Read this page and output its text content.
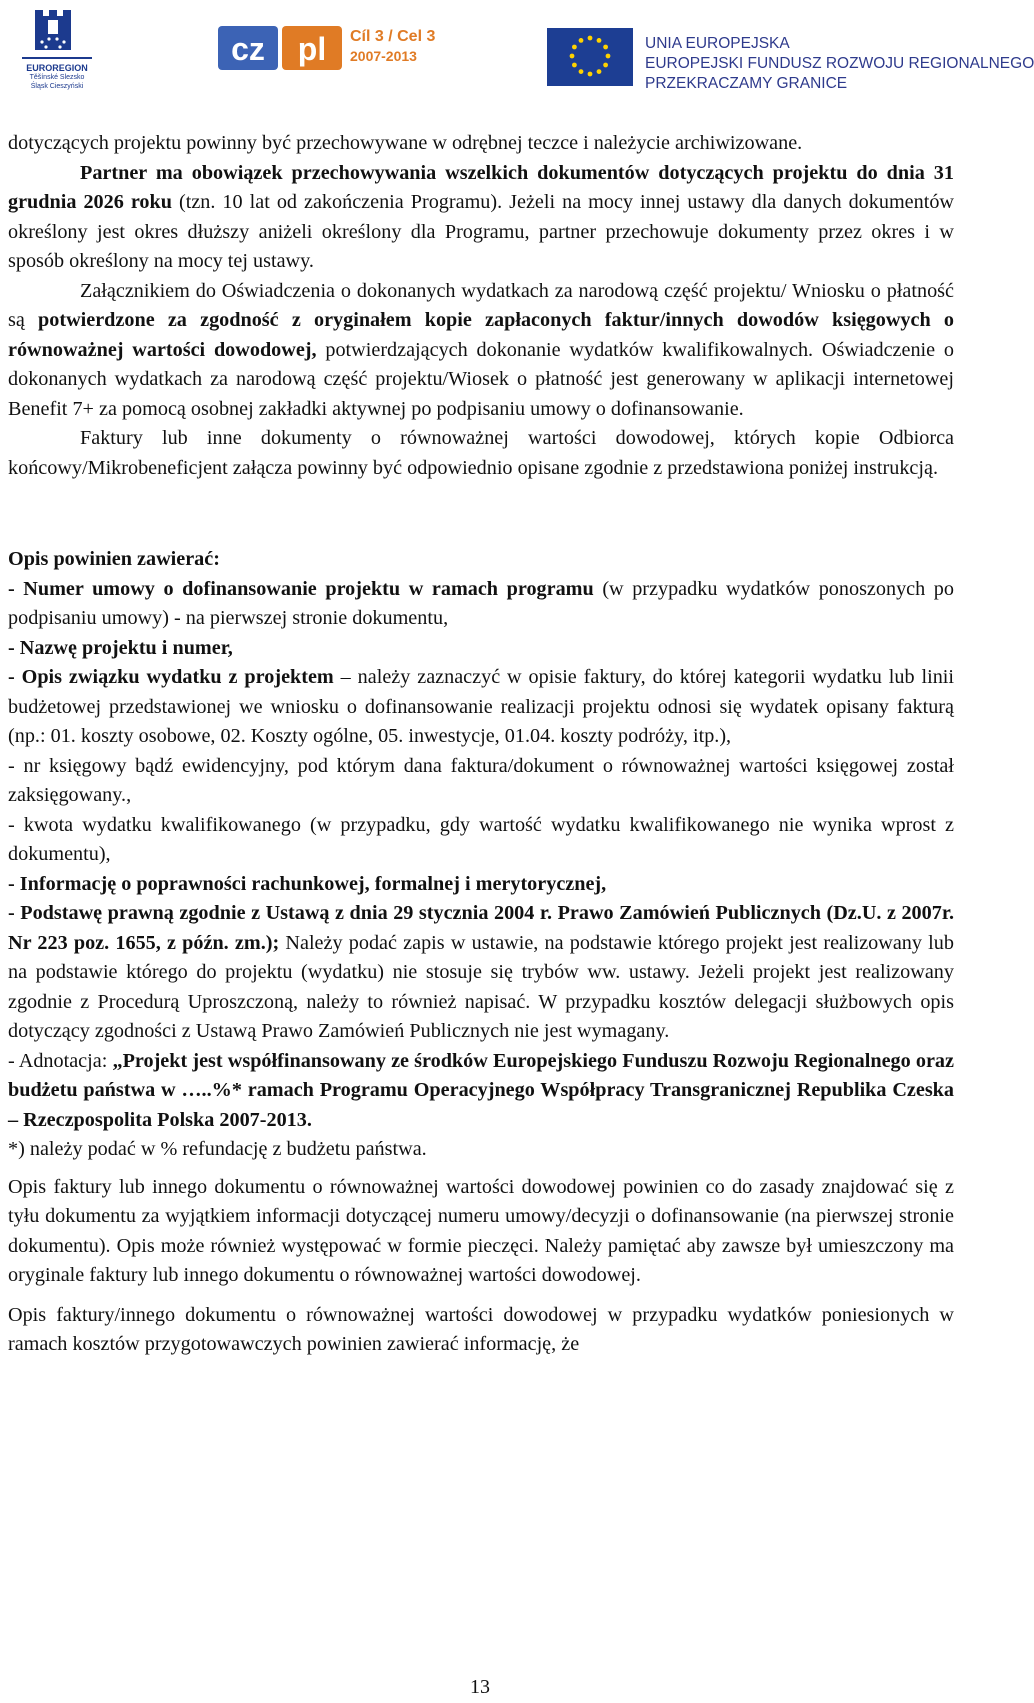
EUROREGION
Těšínské Slezsko
Śląsk Cieszyński
cz pl Cíl 3 / Cel 3
2007-2013
UNIA EUROPEJSKA
EUROPEJSKI FUNDUSZ ROZWOJU REGIONALNEGO
PRZEKRACZAMY GRANICE

dotyczących projektu powinny być przechowywane w odrębnej teczce i należycie archiwizowane.

Partner ma obowiązek przechowywania wszelkich dokumentów dotyczących projektu do dnia 31 grudnia 2026 roku (tzn. 10 lat od zakończenia Programu). Jeżeli na mocy innej ustawy dla danych dokumentów określony jest okres dłuższy aniżeli określony dla Programu, partner przechowuje dokumenty przez okres i w sposób określony na mocy tej ustawy.

Załącznikiem do Oświadczenia o dokonanych wydatkach za narodową część projektu/ Wniosku o płatność są potwierdzone za zgodność z oryginałem kopie zapłaconych faktur/innych dowodów księgowych o równoważnej wartości dowodowej, potwierdzających dokonanie wydatków kwalifikowalnych. Oświadczenie o dokonanych wydatkach za narodową część projektu/Wiosek o płatność jest generowany w aplikacji internetowej Benefit 7+ za pomocą osobnej zakładki aktywnej po podpisaniu umowy o dofinansowanie.

Faktury lub inne dokumenty o równoważnej wartości dowodowej, których kopie Odbiorca końcowy/Mikrobeneficjent załącza powinny być odpowiednio opisane zgodnie z przedstawiona poniżej instrukcją.

Opis powinien zawierać:

- Numer umowy o dofinansowanie projektu w ramach programu (w przypadku wydatków ponoszonych po podpisaniu umowy) - na pierwszej stronie dokumentu,

- Nazwę projektu i numer,

- Opis związku wydatku z projektem – należy zaznaczyć w opisie faktury, do której kategorii wydatku lub linii budżetowej przedstawionej we wniosku o dofinansowanie realizacji projektu odnosi się wydatek opisany fakturą (np.: 01. koszty osobowe, 02. Koszty ogólne, 05. inwestycje, 01.04. koszty podróży, itp.),

- nr księgowy bądź ewidencyjny, pod którym dana faktura/dokument o równoważnej wartości księgowej został zaksięgowany.,

- kwota wydatku kwalifikowanego (w przypadku, gdy wartość wydatku kwalifikowanego nie wynika wprost z dokumentu),

- Informację o poprawności rachunkowej, formalnej i merytorycznej,

- Podstawę prawną zgodnie z Ustawą z dnia 29 stycznia 2004 r. Prawo Zamówień Publicznych (Dz.U. z 2007r. Nr 223 poz. 1655, z późn. zm.); Należy podać zapis w ustawie, na podstawie którego projekt jest realizowany lub na podstawie którego do projektu (wydatku) nie stosuje się trybów ww. ustawy. Jeżeli projekt jest realizowany zgodnie z Procedurą Uproszczoną, należy to również napisać. W przypadku kosztów delegacji służbowych opis dotyczący zgodności z Ustawą Prawo Zamówień Publicznych nie jest wymagany.

- Adnotacja: „Projekt jest współfinansowany ze środków Europejskiego Funduszu Rozwoju Regionalnego oraz budżetu państwa w …..%* ramach Programu Operacyjnego Współpracy Transgranicznej Republika Czeska – Rzeczpospolita Polska 2007-2013.

*) należy podać w % refundację z budżetu państwa.

Opis faktury lub innego dokumentu o równoważnej wartości dowodowej powinien co do zasady znajdować się z tyłu dokumentu za wyjątkiem informacji dotyczącej numeru umowy/decyzji o dofinansowanie (na pierwszej stronie dokumentu). Opis może również występować w formie pieczęci. Należy pamiętać aby zawsze był umieszczony ma oryginale faktury lub innego dokumentu o równoważnej wartości dowodowej.

Opis faktury/innego dokumentu o równoważnej wartości dowodowej w przypadku wydatków poniesionych w ramach kosztów przygotowawczych powinien zawierać informację, że

13
